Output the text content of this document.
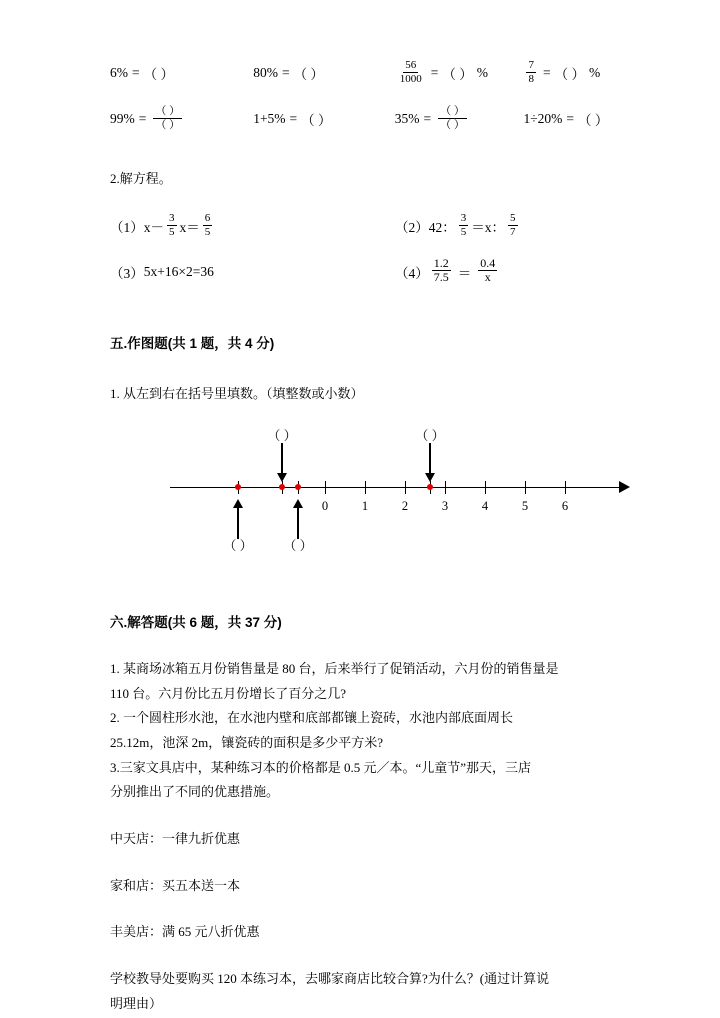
6% = （ ）	80% = （ ）	$\frac{56}{1000}$ = （ ） %	$\frac{7}{8}$ = （ ） %
$99\% = \frac{( )}{( )}$	1+5% = （ ）	$35\% = \frac{( )}{( )}$	1÷20% = （ ）

2.解方程。

（1） $x- \frac{3}{5} x= \frac{6}{5}$	（2） 42： $\frac{3}{5} =x$： $\frac{5}{7}$
（3） 5x+16×2=36	$(4) \frac{1.2}{7.5} = \frac{0.4}{x}$

五.作图题(共 1 题，共 4 分)

1. 从左到右在括号里填数。（填整数或小数）

0	1	2	3	4	5	6
（ ）	（ ）
（ ） （ ）

六.解答题(共 6 题，共 37 分)

1. 某商场冰箱五月份销售量是 80 台，后来举行了促销活动，六月份的销售量是

110 台。六月份比五月份增长了百分之几?

2. 一个圆柱形水池，在水池内壁和底部都镶上瓷砖，水池内部底面周长

25.12m，池深 2m，镶瓷砖的面积是多少平方米?

3.三家文具店中，某种练习本的价格都是 0.5 元／本。“儿童节”那天，三店

分别推出了不同的优惠措施。

中天店：一律九折优惠

家和店：买五本送一本

丰美店：满 65 元八折优惠

学校教导处要购买 120 本练习本，去哪家商店比较合算?为什么？(通过计算说

明理由）
